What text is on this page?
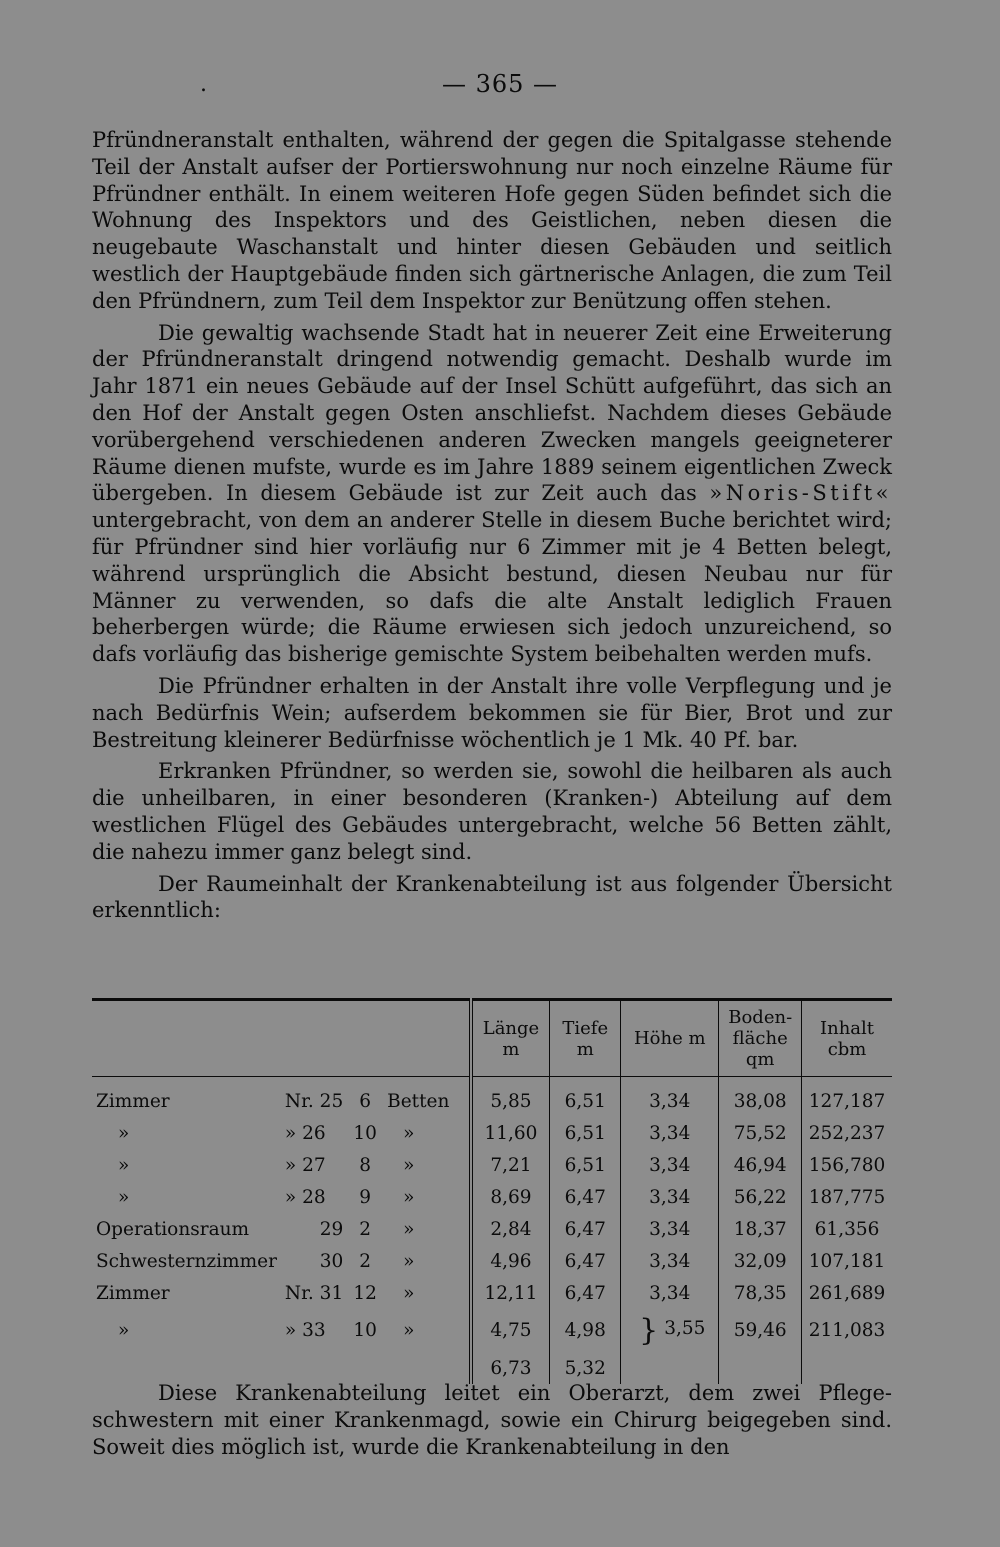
.	— 365 —

Pfründneranstalt enthalten, während der gegen die Spitalgasse stehende Teil der Anstalt aufser der Portierswohnung nur noch einzelne Räume für Pfründner enthält. In einem weiteren Hofe gegen Süden befindet sich die Wohnung des Inspektors und des Geistlichen, neben diesen die neugebaute Waschanstalt und hinter diesen Gebäuden und seitlich westlich der Hauptgebäude finden sich gärtnerische Anlagen, die zum Teil den Pfründnern, zum Teil dem Inspektor zur Benützung offen stehen.

Die gewaltig wachsende Stadt hat in neuerer Zeit eine Erweiterung der Pfründneranstalt dringend notwendig gemacht. Deshalb wurde im Jahr 1871 ein neues Gebäude auf der Insel Schütt aufgeführt, das sich an den Hof der Anstalt gegen Osten anschliefst. Nachdem dieses Gebäude vorübergehend verschiedenen anderen Zwecken mangels geeigneterer Räume dienen mufste, wurde es im Jahre 1889 seinem eigentlichen Zweck übergeben. In diesem Gebäude ist zur Zeit auch das »Noris-Stift« untergebracht, von dem an anderer Stelle in diesem Buche berichtet wird; für Pfründner sind hier vorläufig nur 6 Zimmer mit je 4 Betten belegt, während ursprünglich die Absicht bestund, diesen Neubau nur für Männer zu verwenden, so dafs die alte Anstalt lediglich Frauen beherbergen würde; die Räume erwiesen sich jedoch unzureichend, so dafs vorläufig das bisherige gemischte System beibehalten werden mufs.

Die Pfründner erhalten in der Anstalt ihre volle Verpflegung und je nach Bedürfnis Wein; aufserdem bekommen sie für Bier, Brot und zur Bestreitung kleinerer Bedürfnisse wöchentlich je 1 Mk. 40 Pf. bar.

Erkranken Pfründner, so werden sie, sowohl die heilbaren als auch die unheilbaren, in einer besonderen (Kranken-) Abteilung auf dem westlichen Flügel des Gebäudes untergebracht, welche 56 Betten zählt, die nahezu immer ganz belegt sind.

Der Raumeinhalt der Krankenabteilung ist aus folgender Übersicht erkenntlich:

				Länge m	Tiefe m	Höhe m	Bodenfläche qm	Inhalt cbm
Zimmer	Nr. 25	6	Betten	5,85	6,51	3,34	38,08	127,187
»	» 26	10	»	11,60	6,51	3,34	75,52	252,237
»	» 27	8	»	7,21	6,51	3,34	46,94	156,780
»	» 28	9	»	8,69	6,47	3,34	56,22	187,775
Operationsraum	29	2	»	2,84	6,47	3,34	18,37	61,356
Schwesternzimmer	30	2	»	4,96	6,47	3,34	32,09	107,181
Zimmer	Nr. 31	12	»	12,11	6,47	3,34	78,35	261,689
»	» 33	10	»	4,75	4,98	} 3,55	59,46	211,083
				6,73	5,32			

Diese Krankenabteilung leitet ein Oberarzt, dem zwei Pflegeschwestern mit einer Krankenmagd, sowie ein Chirurg beigegeben sind. Soweit dies möglich ist, wurde die Krankenabteilung in den
